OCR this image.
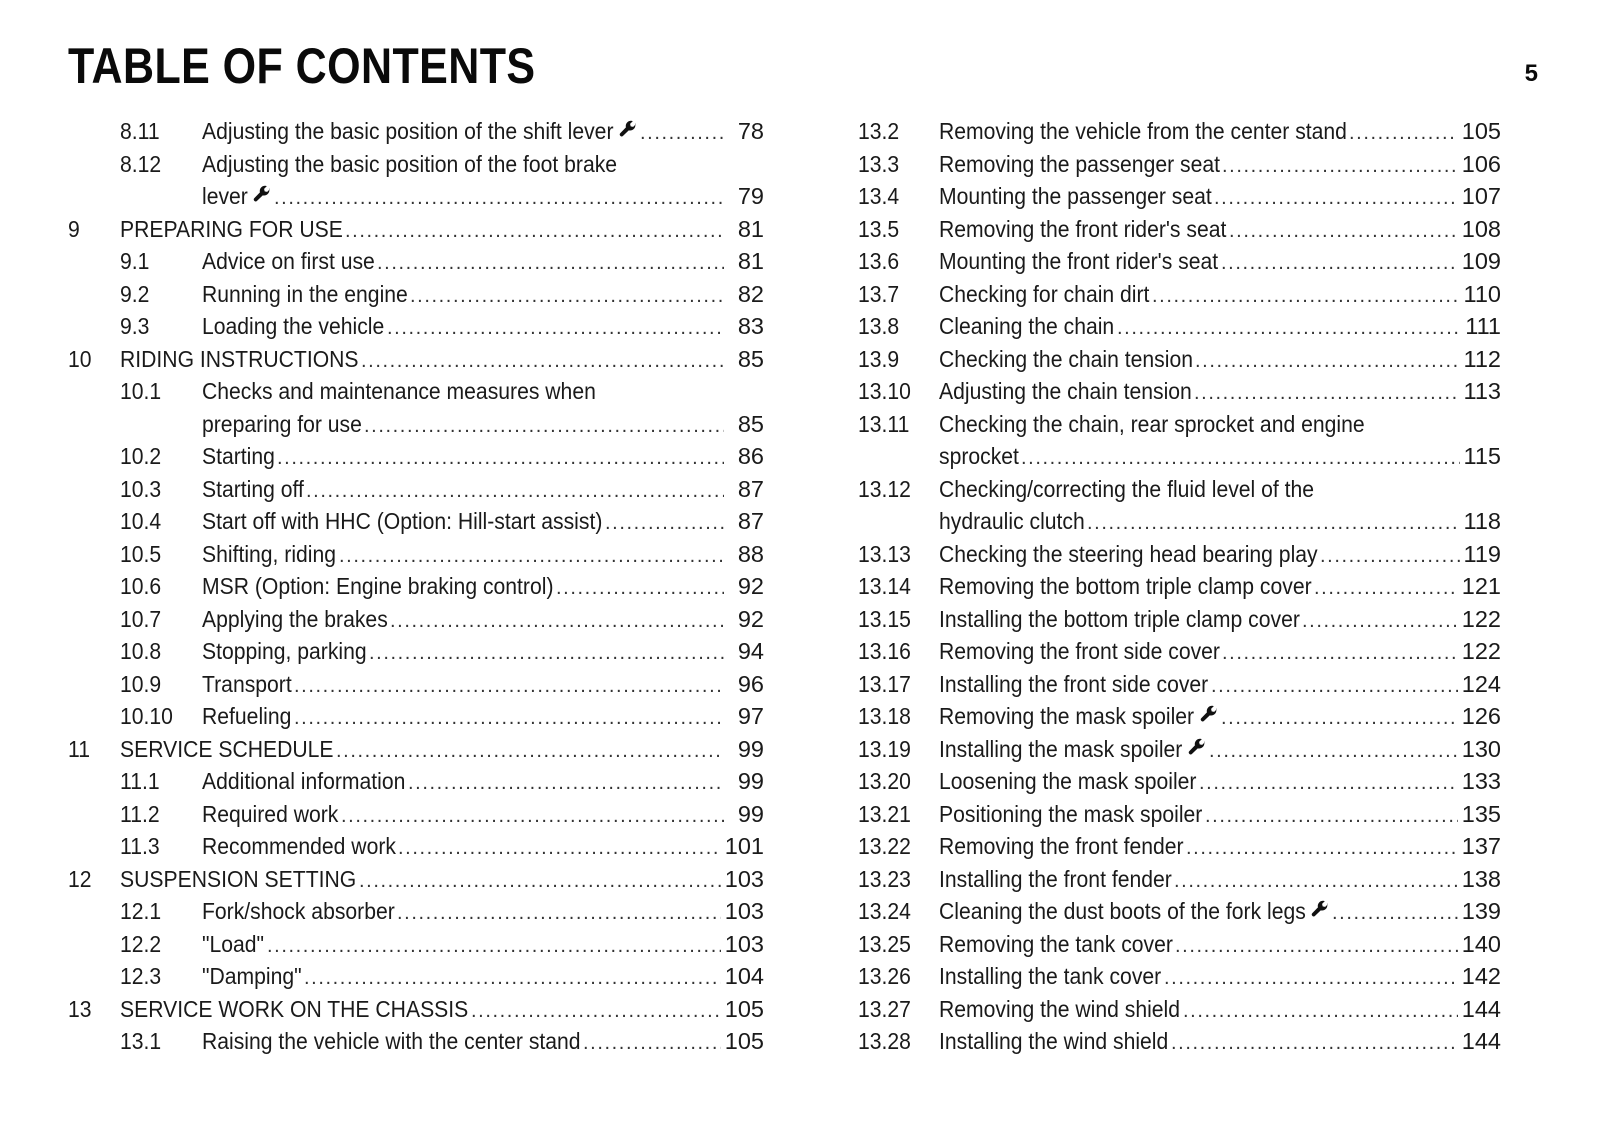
TABLE OF CONTENTS	5
8.11 Adjusting the basic position of the shift lever .....	78
8.12 Adjusting the basic position of the foot brake
lever .....	79
9 PREPARING FOR USE .....	81
9.1 Advice on first use .....	81
9.2 Running in the engine .....	82
9.3 Loading the vehicle .....	83
10 RIDING INSTRUCTIONS .....	85
10.1 Checks and maintenance measures when
preparing for use .....	85
10.2 Starting .....	86
10.3 Starting off .....	87
10.4 Start off with HHC (Option: Hill-start assist) .....	87
10.5 Shifting, riding .....	88
10.6 MSR (Option: Engine braking control) .....	92
10.7 Applying the brakes .....	92
10.8 Stopping, parking .....	94
10.9 Transport .....	96
10.10 Refueling .....	97
11 SERVICE SCHEDULE .....	99
11.1 Additional information .....	99
11.2 Required work .....	99
11.3 Recommended work .....	101
12 SUSPENSION SETTING .....	103
12.1 Fork/shock absorber .....	103
12.2 "Load" .....	103
12.3 "Damping" .....	104
13 SERVICE WORK ON THE CHASSIS .....	105
13.1 Raising the vehicle with the center stand .....	105
13.2 Removing the vehicle from the center stand .....	105
13.3 Removing the passenger seat .....	106
13.4 Mounting the passenger seat .....	107
13.5 Removing the front rider's seat .....	108
13.6 Mounting the front rider's seat .....	109
13.7 Checking for chain dirt .....	110
13.8 Cleaning the chain .....	111
13.9 Checking the chain tension .....	112
13.10 Adjusting the chain tension .....	113
13.11 Checking the chain, rear sprocket and engine
sprocket .....	115
13.12 Checking/correcting the fluid level of the
hydraulic clutch .....	118
13.13 Checking the steering head bearing play .....	119
13.14 Removing the bottom triple clamp cover .....	121
13.15 Installing the bottom triple clamp cover .....	122
13.16 Removing the front side cover .....	122
13.17 Installing the front side cover .....	124
13.18 Removing the mask spoiler .....	126
13.19 Installing the mask spoiler .....	130
13.20 Loosening the mask spoiler .....	133
13.21 Positioning the mask spoiler .....	135
13.22 Removing the front fender .....	137
13.23 Installing the front fender .....	138
13.24 Cleaning the dust boots of the fork legs .....	139
13.25 Removing the tank cover .....	140
13.26 Installing the tank cover .....	142
13.27 Removing the wind shield .....	144
13.28 Installing the wind shield .....	144
